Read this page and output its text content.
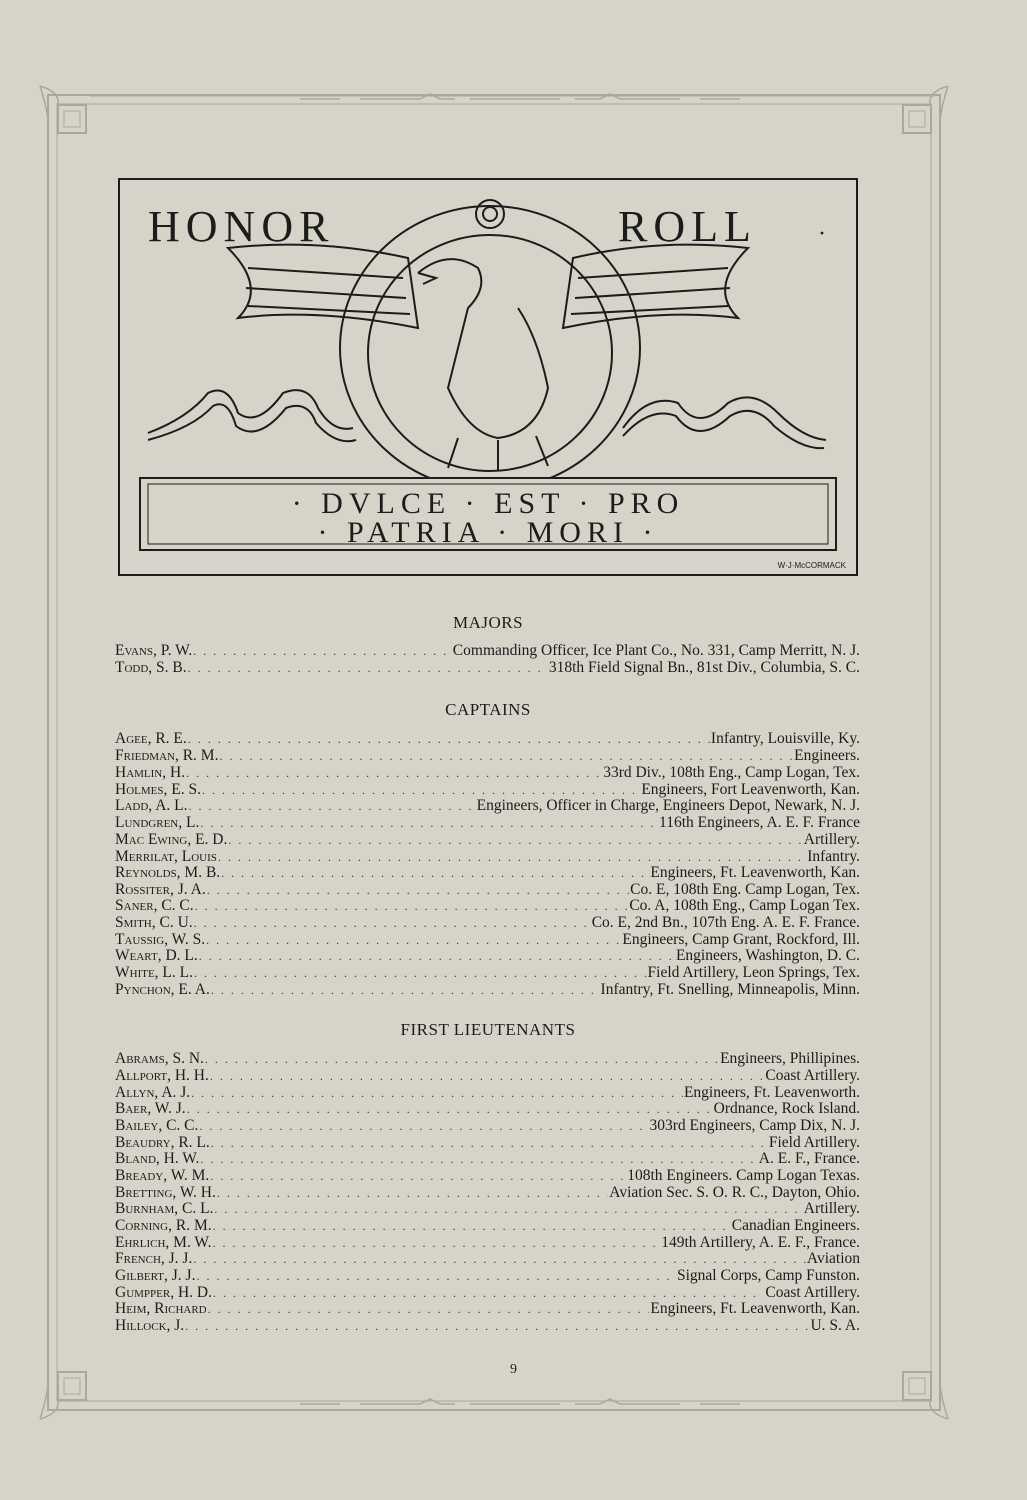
HONOR	ROLL	·
· DVLCE · EST · PRO
· PATRIA · MORI ·
W·J·McCORMACK
MAJORS
Evans, P. W. . . .	Commanding Officer, Ice Plant Co., No. 331, Camp Merritt, N. J.
Todd, S. B. . . .	318th Field Signal Bn., 81st Div., Columbia, S. C.
CAPTAINS
Agee, R. E. . . .	Infantry, Louisville, Ky.
Friedman, R. M. . . .	Engineers.
Hamlin, H. . . .	33rd Div., 108th Eng., Camp Logan, Tex.
Holmes, E. S. . . .	Engineers, Fort Leavenworth, Kan.
Ladd, A. L. . . .	Engineers, Officer in Charge, Engineers Depot, Newark, N. J.
Lundgren, L. . . .	116th Engineers, A. E. F. France
Mac Ewing, E. D. . . .	Artillery.
Merrilat, Louis . . .	Infantry.
Reynolds, M. B. . . .	Engineers, Ft. Leavenworth, Kan.
Rossiter, J. A. . . .	Co. E, 108th Eng. Camp Logan, Tex.
Saner, C. C. . . .	Co. A, 108th Eng., Camp Logan Tex.
Smith, C. U. . . .	Co. E, 2nd Bn., 107th Eng. A. E. F. France.
Taussig, W. S. . . .	Engineers, Camp Grant, Rockford, Ill.
Weart, D. L. . . .	Engineers, Washington, D. C.
White, L. L. . . .	Field Artillery, Leon Springs, Tex.
Pynchon, E. A. . . .	Infantry, Ft. Snelling, Minneapolis, Minn.
FIRST LIEUTENANTS
Abrams, S. N. . . .	Engineers, Phillipines.
Allport, H. H. . . .	Coast Artillery.
Allyn, A. J. . . .	Engineers, Ft. Leavenworth.
Baer, W. J. . . .	Ordnance, Rock Island.
Bailey, C. C. . . .	303rd Engineers, Camp Dix, N. J.
Beaudry, R. L. . . .	Field Artillery.
Bland, H. W. . . .	A. E. F., France.
Bready, W. M. . . .	108th Engineers. Camp Logan Texas.
Bretting, W. H. . . .	Aviation Sec. S. O. R. C., Dayton, Ohio.
Burnham, C. L. . . .	Artillery.
Corning, R. M. . . .	Canadian Engineers.
Ehrlich, M. W. . . .	149th Artillery, A. E. F., France.
French, J. J. . . .	Aviation
Gilbert, J. J. . . .	Signal Corps, Camp Funston.
Gumpper, H. D. . . .	Coast Artillery.
Heim, Richard . . .	Engineers, Ft. Leavenworth, Kan.
Hillock, J. . . .	U. S. A.
9
